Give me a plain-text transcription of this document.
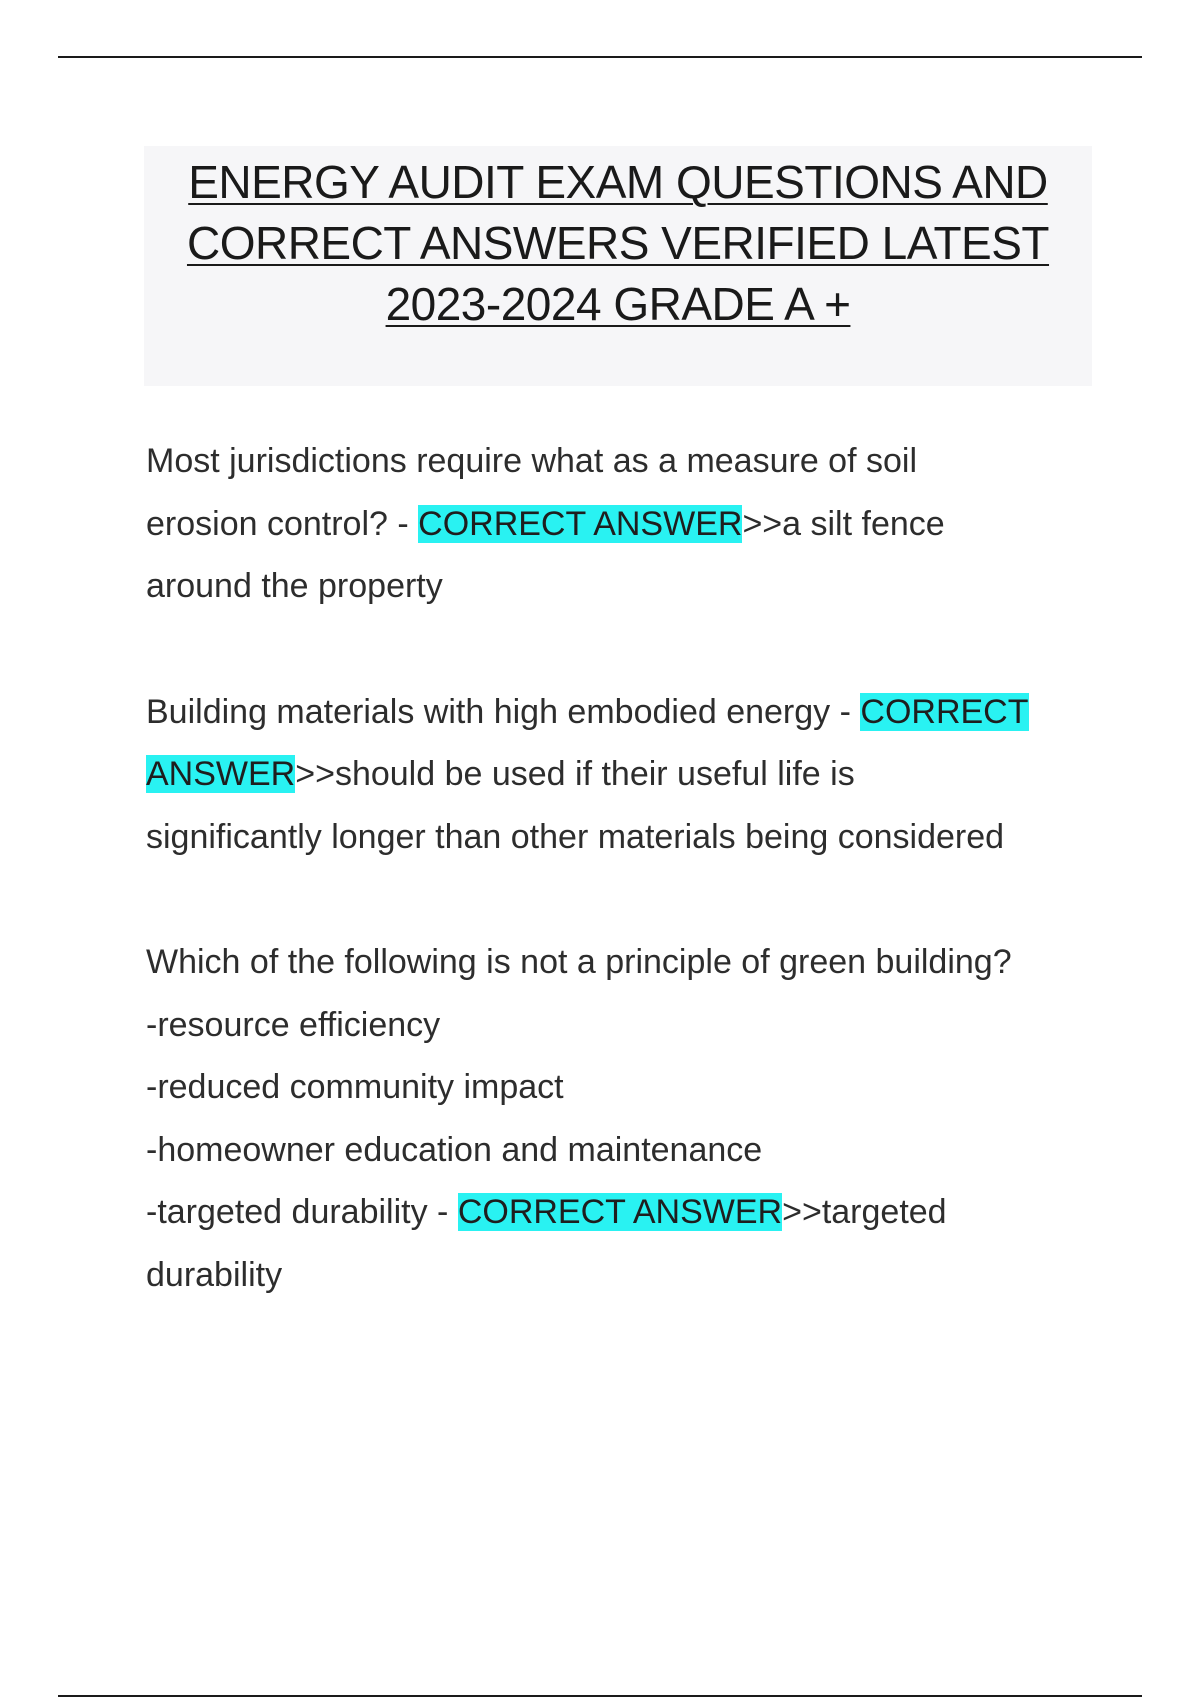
ENERGY AUDIT EXAM QUESTIONS AND
CORRECT ANSWERS VERIFIED LATEST
2023-2024 GRADE A +
Most jurisdictions require what as a measure of soil
erosion control? - CORRECT ANSWER>>a silt fence
around the property
Building materials with high embodied energy - CORRECT
ANSWER>>should be used if their useful life is
significantly longer than other materials being considered
Which of the following is not a principle of green building?
-resource efficiency
-reduced community impact
-homeowner education and maintenance
-targeted durability - CORRECT ANSWER>>targeted
durability
